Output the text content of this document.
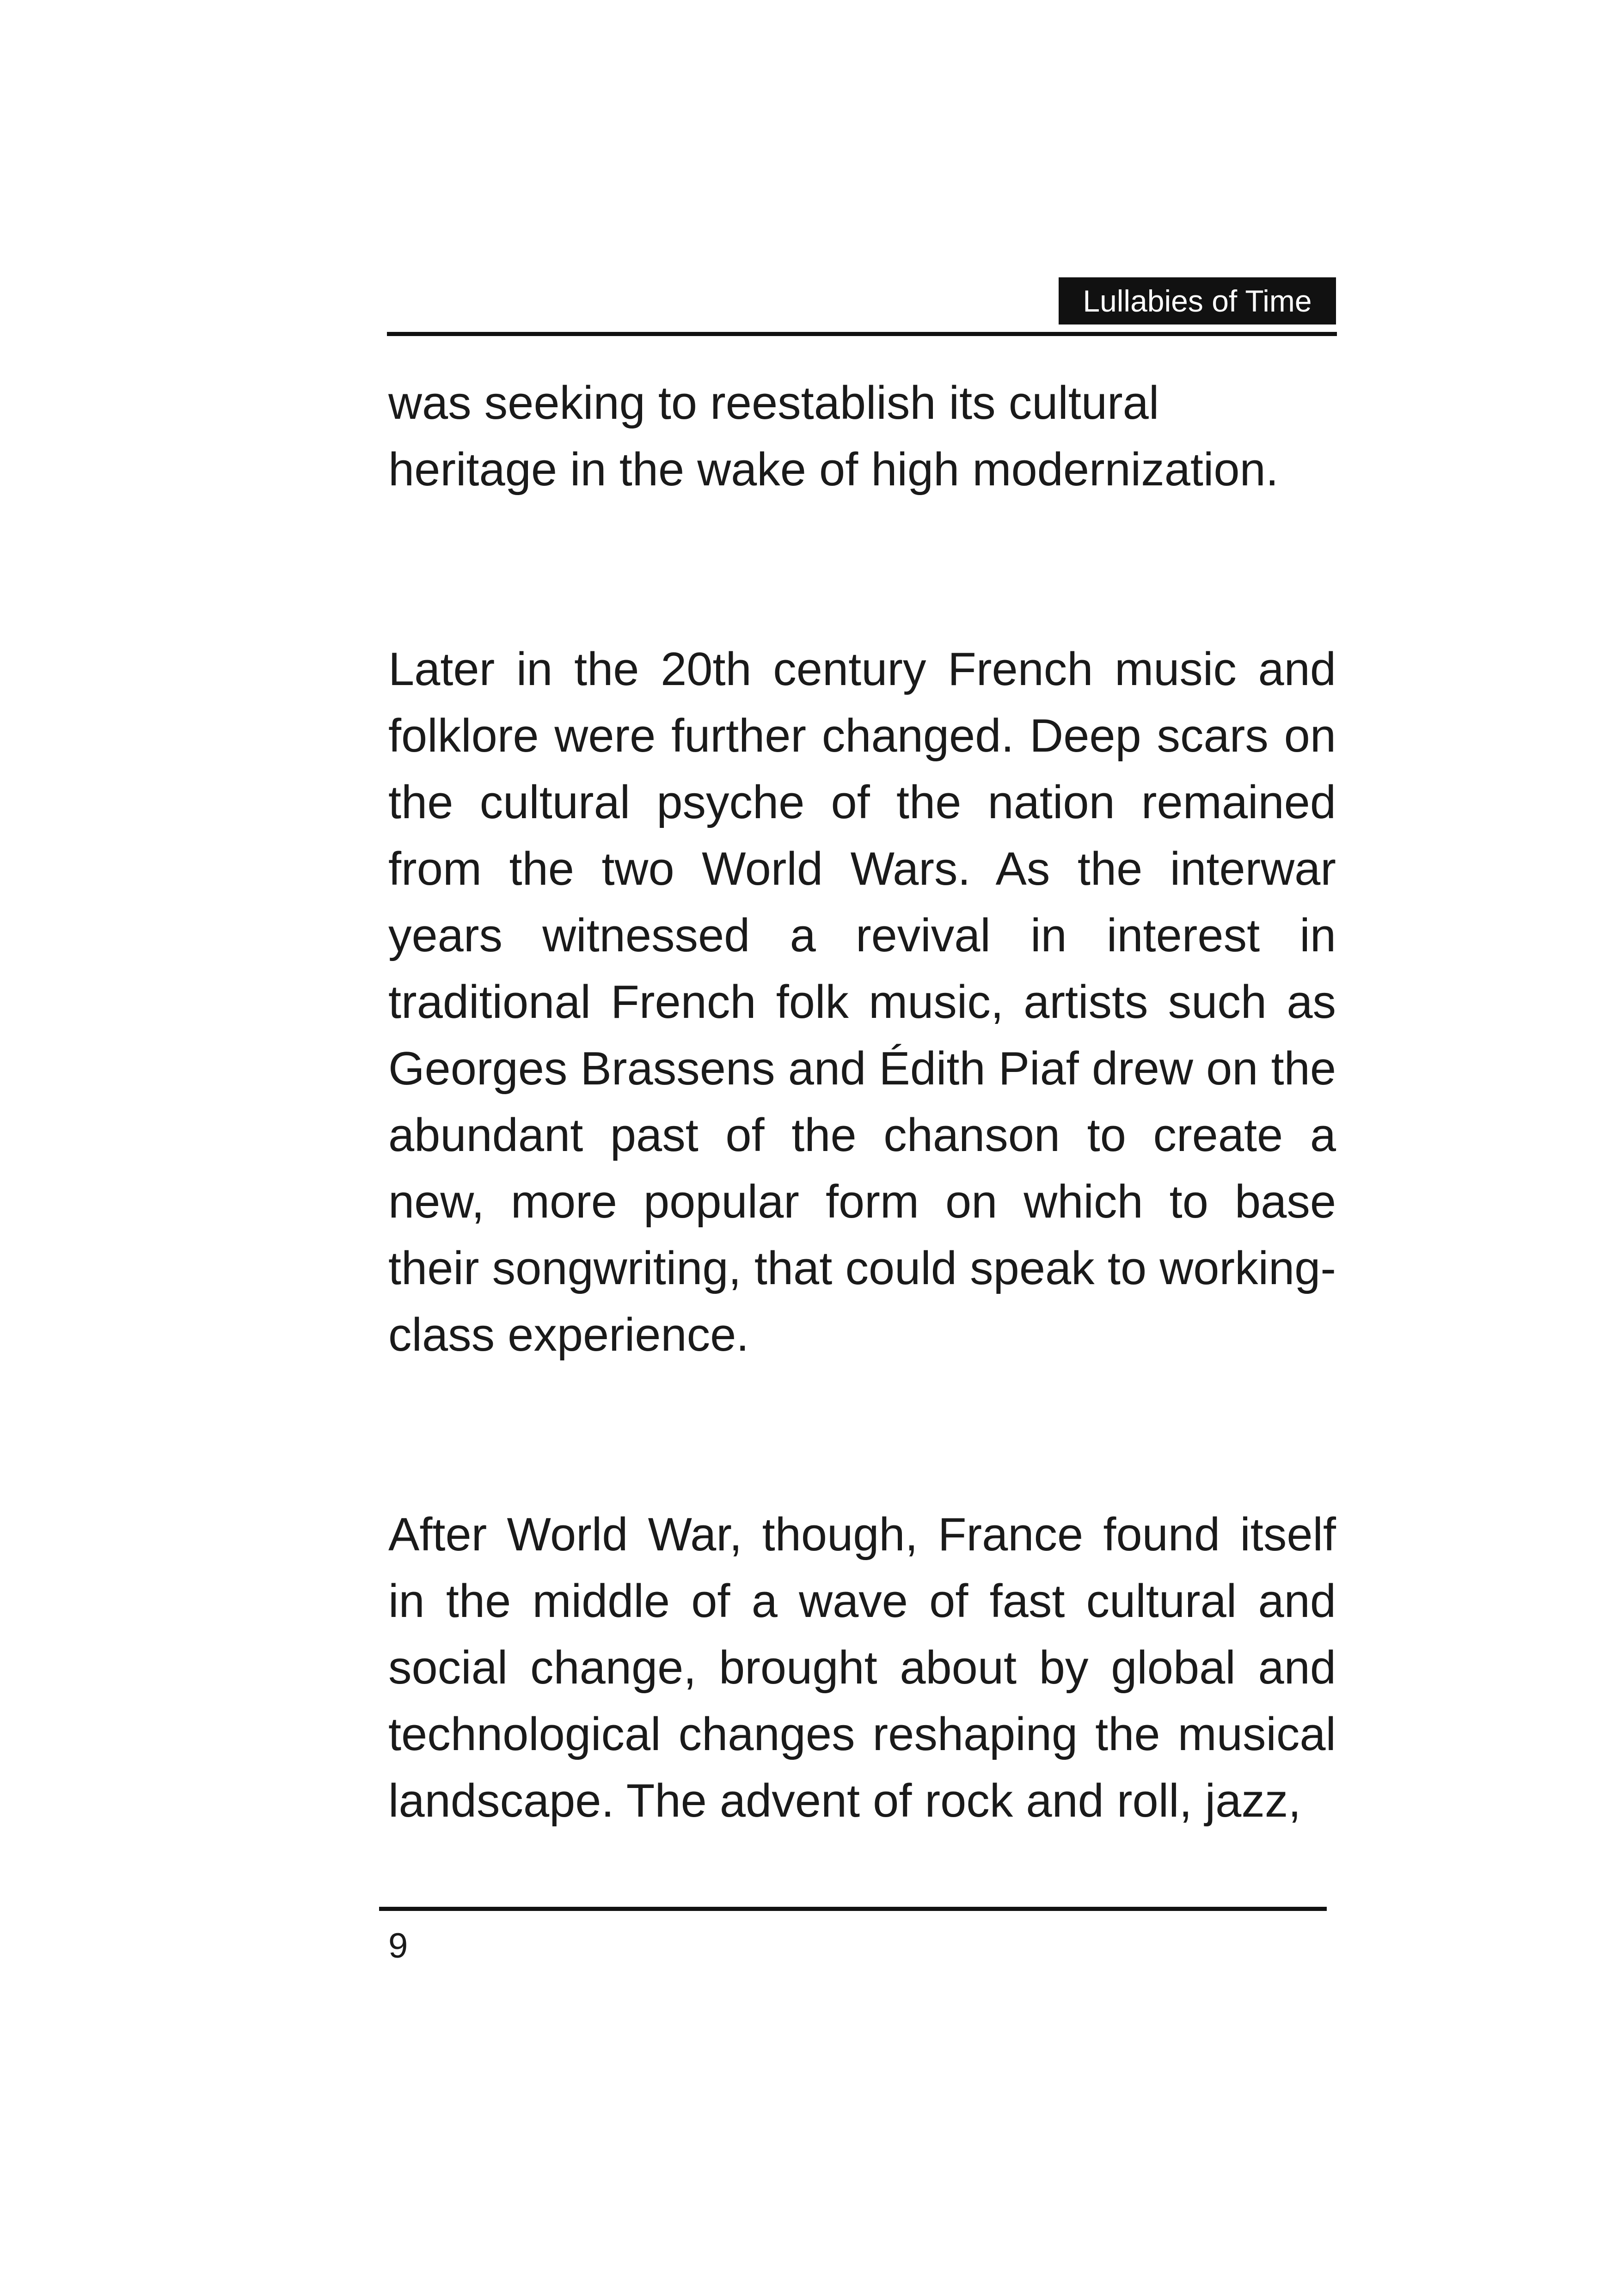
Lullabies of Time

was seeking to reestablish its cultural heritage in the wake of high modernization.

Later in the 20th century French music and folklore were further changed. Deep scars on the cultural psyche of the nation remained from the two World Wars. As the interwar years witnessed a revival in interest in traditional French folk music, artists such as Georges Brassens and Édith Piaf drew on the abundant past of the chanson to create a new, more popular form on which to base their songwriting, that could speak to working-class experience.

After World War, though, France found itself in the middle of a wave of fast cultural and social change, brought about by global and technological changes reshaping the musical landscape. The advent of rock and roll, jazz,

9
